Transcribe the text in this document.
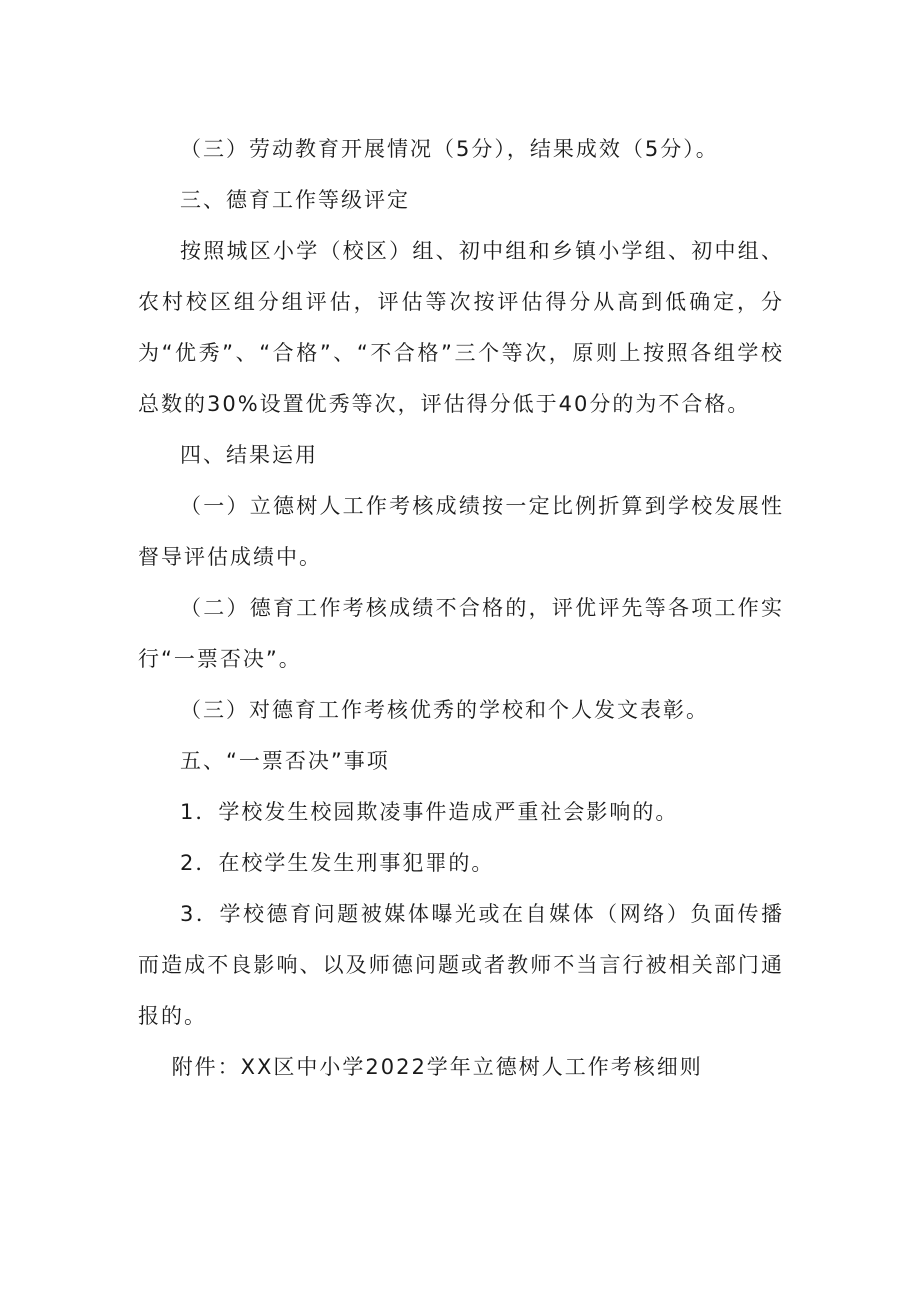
（三）劳动教育开展情况（5分），结果成效（5分）。

三、德育工作等级评定

按照城区小学（校区）组、初中组和乡镇小学组、初中组、农村校区组分组评估，评估等次按评估得分从高到低确定，分为“优秀”、“合格”、“不合格”三个等次，原则上按照各组学校总数的30%设置优秀等次，评估得分低于40分的为不合格。

四、结果运用

（一）立德树人工作考核成绩按一定比例折算到学校发展性督导评估成绩中。

（二）德育工作考核成绩不合格的，评优评先等各项工作实行“一票否决”。

（三）对德育工作考核优秀的学校和个人发文表彰。

五、“一票否决”事项

1．学校发生校园欺凌事件造成严重社会影响的。

2．在校学生发生刑事犯罪的。

3．学校德育问题被媒体曝光或在自媒体（网络）负面传播而造成不良影响、以及师德问题或者教师不当言行被相关部门通报的。

附件：XX区中小学2022学年立德树人工作考核细则
